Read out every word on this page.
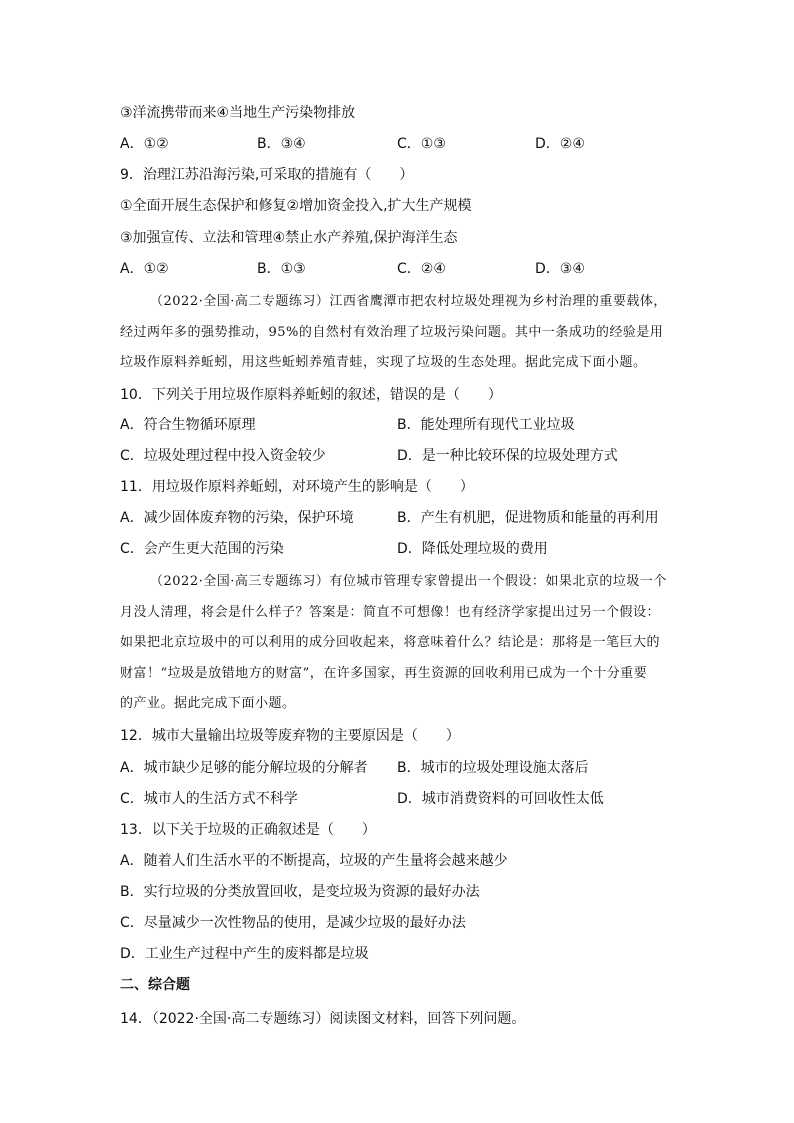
③洋流携带而来④当地生产污染物排放
A．①②	B．③④	C．①③	D．②④
9．治理江苏沿海污染,可采取的措施有（　　）
①全面开展生态保护和修复②增加资金投入,扩大生产规模
③加强宣传、立法和管理④禁止水产养殖,保护海洋生态
A．①②	B．①③	C．②④	D．③④
（2022·全国·高二专题练习）江西省鹰潭市把农村垃圾处理视为乡村治理的重要载体，
经过两年多的强势推动，95%的自然村有效治理了垃圾污染问题。其中一条成功的经验是用
垃圾作原料养蚯蚓，用这些蚯蚓养殖青蛙，实现了垃圾的生态处理。据此完成下面小题。
10．下列关于用垃圾作原料养蚯蚓的叙述，错误的是（　　）
A．符合生物循环原理	B．能处理所有现代工业垃圾
C．垃圾处理过程中投入资金较少	D．是一种比较环保的垃圾处理方式
11．用垃圾作原料养蚯蚓，对环境产生的影响是（　　）
A．减少固体废弃物的污染，保护环境	B．产生有机肥，促进物质和能量的再利用
C．会产生更大范围的污染	D．降低处理垃圾的费用
（2022·全国·高三专题练习）有位城市管理专家曾提出一个假设：如果北京的垃圾一个
月没人清理，将会是什么样子？答案是：简直不可想像！也有经济学家提出过另一个假设：
如果把北京垃圾中的可以利用的成分回收起来，将意味着什么？结论是：那将是一笔巨大的
财富！“垃圾是放错地方的财富”，在许多国家，再生资源的回收利用已成为一个十分重要
的产业。据此完成下面小题。
12．城市大量输出垃圾等废弃物的主要原因是（　　）
A．城市缺少足够的能分解垃圾的分解者 B．城市的垃圾处理设施太落后
C．城市人的生活方式不科学	D．城市消费资料的可回收性太低
13．以下关于垃圾的正确叙述是（　　）
A．随着人们生活水平的不断提高，垃圾的产生量将会越来越少
B．实行垃圾的分类放置回收，是变垃圾为资源的最好办法
C．尽量减少一次性物品的使用，是减少垃圾的最好办法
D．工业生产过程中产生的废料都是垃圾
二、综合题
14．（2022·全国·高二专题练习）阅读图文材料，回答下列问题。
